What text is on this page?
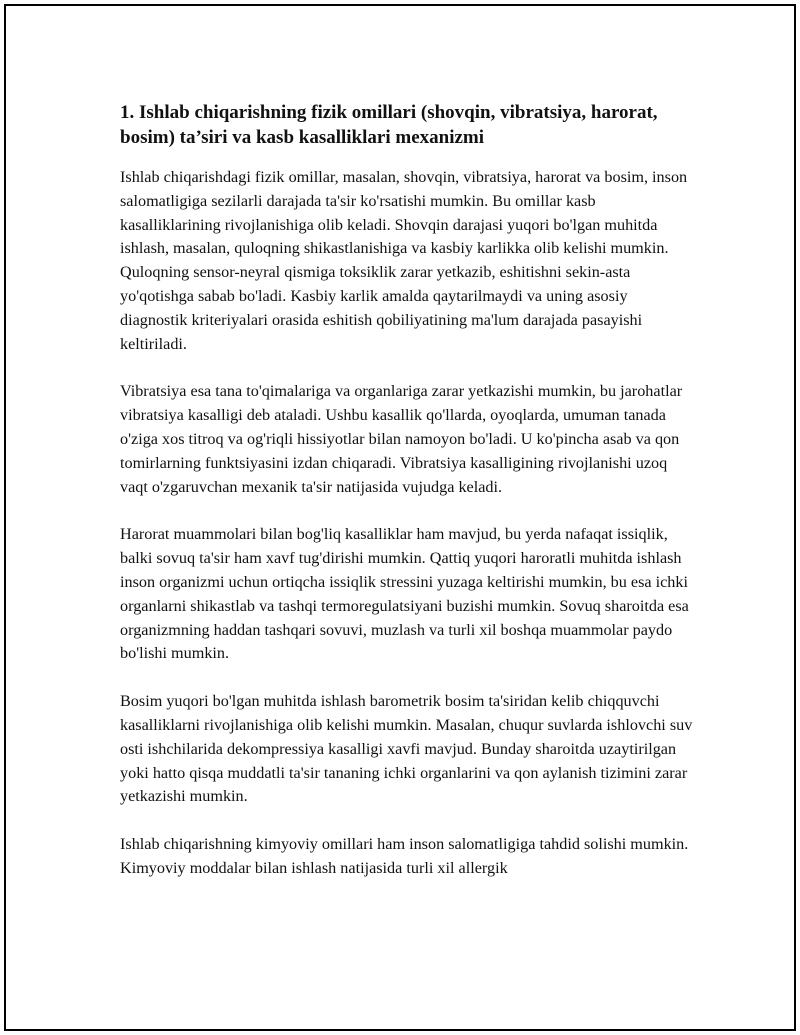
1. Ishlab chiqarishning fizik omillari (shovqin, vibratsiya, harorat, bosim) ta’siri va kasb kasalliklari mexanizmi

Ishlab chiqarishdagi fizik omillar, masalan, shovqin, vibratsiya, harorat va bosim, inson salomatligiga sezilarli darajada ta'sir ko'rsatishi mumkin. Bu omillar kasb kasalliklarining rivojlanishiga olib keladi. Shovqin darajasi yuqori bo'lgan muhitda ishlash, masalan, quloqning shikastlanishiga va kasbiy karlikka olib kelishi mumkin. Quloqning sensor-neyral qismiga toksiklik zarar yetkazib, eshitishni sekin-asta yo'qotishga sabab bo'ladi. Kasbiy karlik amalda qaytarilmaydi va uning asosiy diagnostik kriteriyalari orasida eshitish qobiliyatining ma'lum darajada pasayishi keltiriladi.

Vibratsiya esa tana to'qimalariga va organlariga zarar yetkazishi mumkin, bu jarohatlar vibratsiya kasalligi deb ataladi. Ushbu kasallik qo'llarda, oyoqlarda, umuman tanada o'ziga xos titroq va og'riqli hissiyotlar bilan namoyon bo'ladi. U ko'pincha asab va qon tomirlarning funktsiyasini izdan chiqaradi. Vibratsiya kasalligining rivojlanishi uzoq vaqt o'zgaruvchan mexanik ta'sir natijasida vujudga keladi.

Harorat muammolari bilan bog'liq kasalliklar ham mavjud, bu yerda nafaqat issiqlik, balki sovuq ta'sir ham xavf tug'dirishi mumkin. Qattiq yuqori haroratli muhitda ishlash inson organizmi uchun ortiqcha issiqlik stressini yuzaga keltirishi mumkin, bu esa ichki organlarni shikastlab va tashqi termoregulatsiyani buzishi mumkin. Sovuq sharoitda esa organizmning haddan tashqari sovuvi, muzlash va turli xil boshqa muammolar paydo bo'lishi mumkin.

Bosim yuqori bo'lgan muhitda ishlash barometrik bosim ta'siridan kelib chiqquvchi kasalliklarni rivojlanishiga olib kelishi mumkin. Masalan, chuqur suvlarda ishlovchi suv osti ishchilarida dekompressiya kasalligi xavfi mavjud. Bunday sharoitda uzaytirilgan yoki hatto qisqa muddatli ta'sir tananing ichki organlarini va qon aylanish tizimini zarar yetkazishi mumkin.

Ishlab chiqarishning kimyoviy omillari ham inson salomatligiga tahdid solishi mumkin. Kimyoviy moddalar bilan ishlash natijasida turli xil allergik
